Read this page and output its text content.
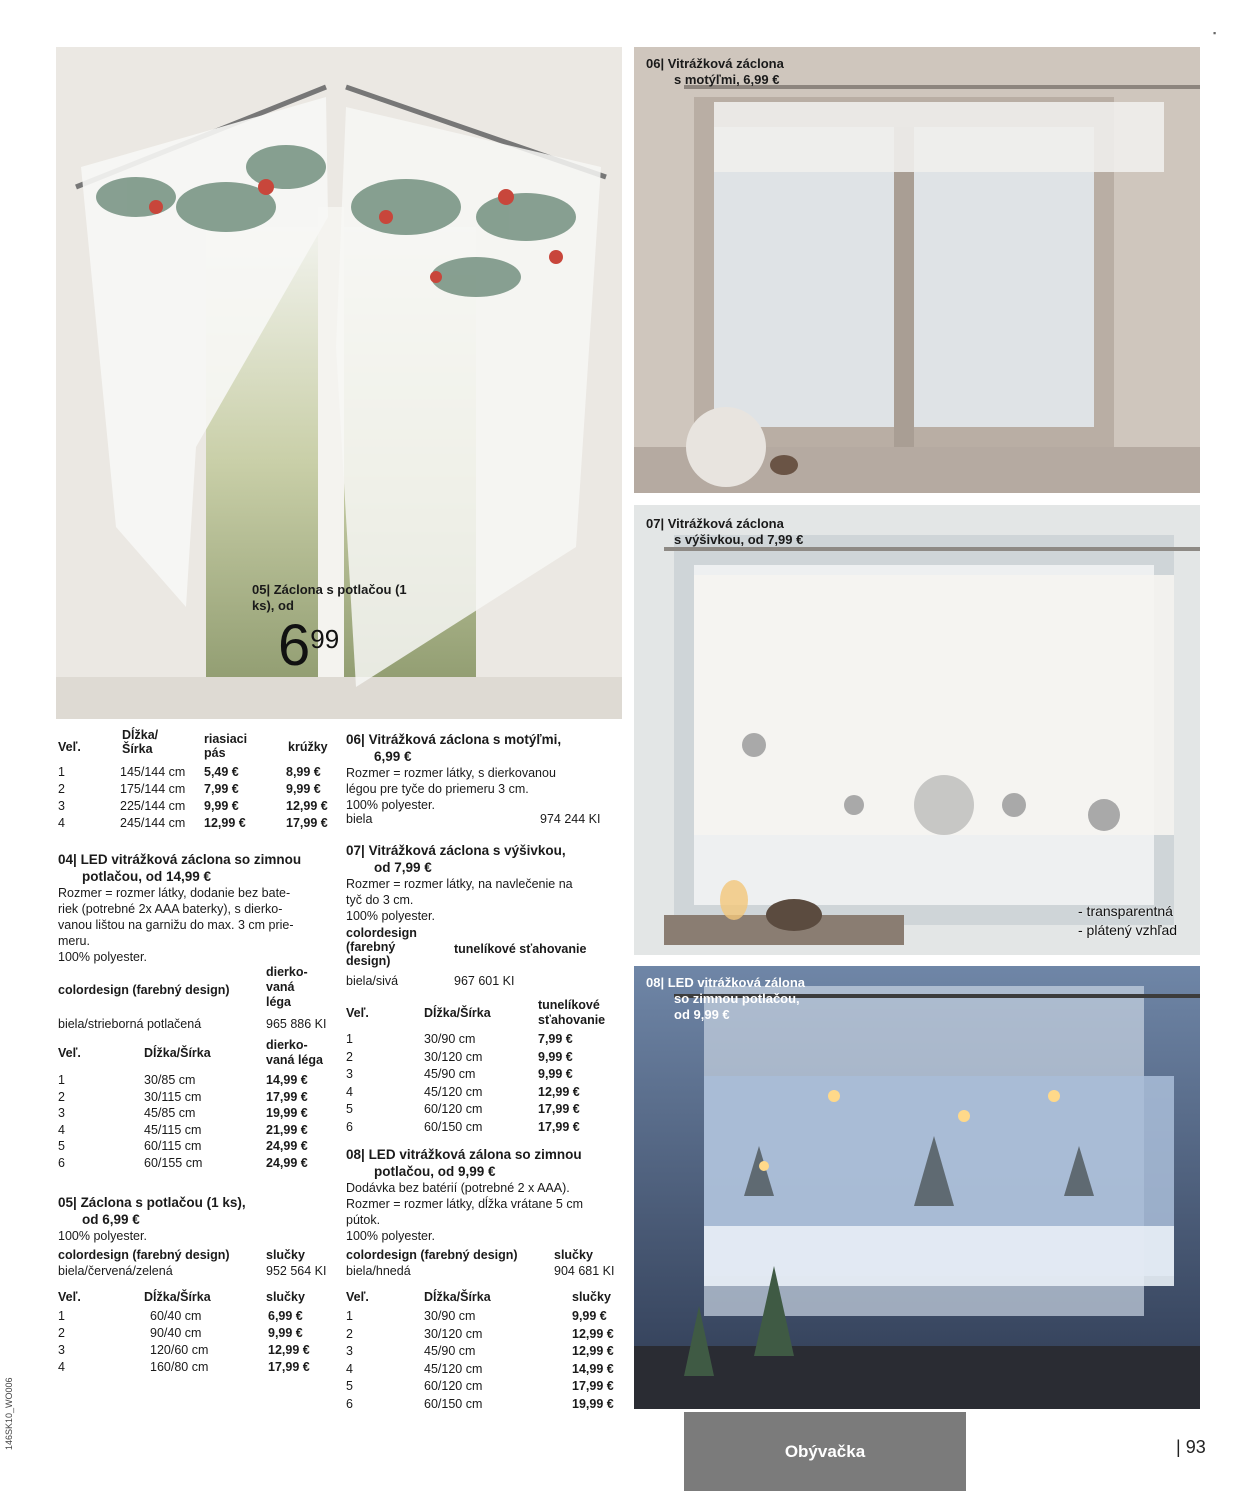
05| Záclona s potlačou (1 ks), od
699
06| Vitrážková záclona
s motýľmi, 6,99 €
07| Vitrážková záclona
s výšivkou, od 7,99 €
- transparentná
- plátený vzhľad
08| LED vitrážková zálona
so zimnou potlačou,
od 9,99 €
Veľ.
Dĺžka/
Šírka
riasiaci
pás	krúžky
1	145/144 cm 5,49 €	8,99 €
2	175/144 cm 7,99 €	9,99 €
3	225/144 cm 9,99 €	12,99 €
4	245/144 cm 12,99 €	17,99 €
04| LED vitrážková záclona so zimnou
potlačou, od 14,99 €
Rozmer = rozmer látky, dodanie bez bate-
riek (potrebné 2x AAA baterky), s dierko-
vanou lištou na garnižu do max. 3 cm prie-
meru.
100% polyester.
colordesign (farebný design)
dierko-
vaná
léga
biela/strieborná potlačená	965 886 KI
Veľ.	Dĺžka/Šírka
dierko-
vaná léga
1	30/85 cm	14,99 €
2	30/115 cm	17,99 €
3	45/85 cm	19,99 €
4	45/115 cm	21,99 €
5	60/115 cm	24,99 €
6	60/155 cm	24,99 €
05| Záclona s potlačou (1 ks),
od 6,99 €
100% polyester.
colordesign (farebný design)	slučky
biela/červená/zelená	952 564 KI
Veľ.	Dĺžka/Šírka	slučky
1	60/40 cm	6,99 €
2	90/40 cm	9,99 €
3	120/60 cm	12,99 €
4	160/80 cm	17,99 €
06| Vitrážková záclona s motýľmi,
6,99 €
Rozmer = rozmer látky, s dierkovanou
légou pre tyče do priemeru 3 cm.
100% polyester.
biela	974 244 KI
07| Vitrážková záclona s výšivkou,
od 7,99 €
Rozmer = rozmer látky, na navlečenie na
tyč do 3 cm.
100% polyester.
colordesign
(farebný
design)
tunelíkové sťahovanie
biela/sivá	967 601 KI
Veľ.	Dĺžka/Šírka
tunelíkové
sťahovanie
1	30/90 cm	7,99 €
2	30/120 cm	9,99 €
3	45/90 cm	9,99 €
4	45/120 cm	12,99 €
5	60/120 cm	17,99 €
6	60/150 cm	17,99 €
08| LED vitrážková zálona so zimnou
potlačou, od 9,99 €
Dodávka bez batérií (potrebné 2 x AAA).
Rozmer = rozmer látky, dĺžka vrátane 5 cm
pútok.
100% polyester.
colordesign (farebný design)	slučky
biela/hnedá	904 681 KI
Veľ.	Dĺžka/Šírka	slučky
1	30/90 cm	9,99 €
2	30/120 cm	12,99 €
3	45/90 cm	12,99 €
4	45/120 cm	14,99 €
5	60/120 cm	17,99 €
6	60/150 cm	19,99 €
Obývačka	| 93
146SK10_WO006
▪
